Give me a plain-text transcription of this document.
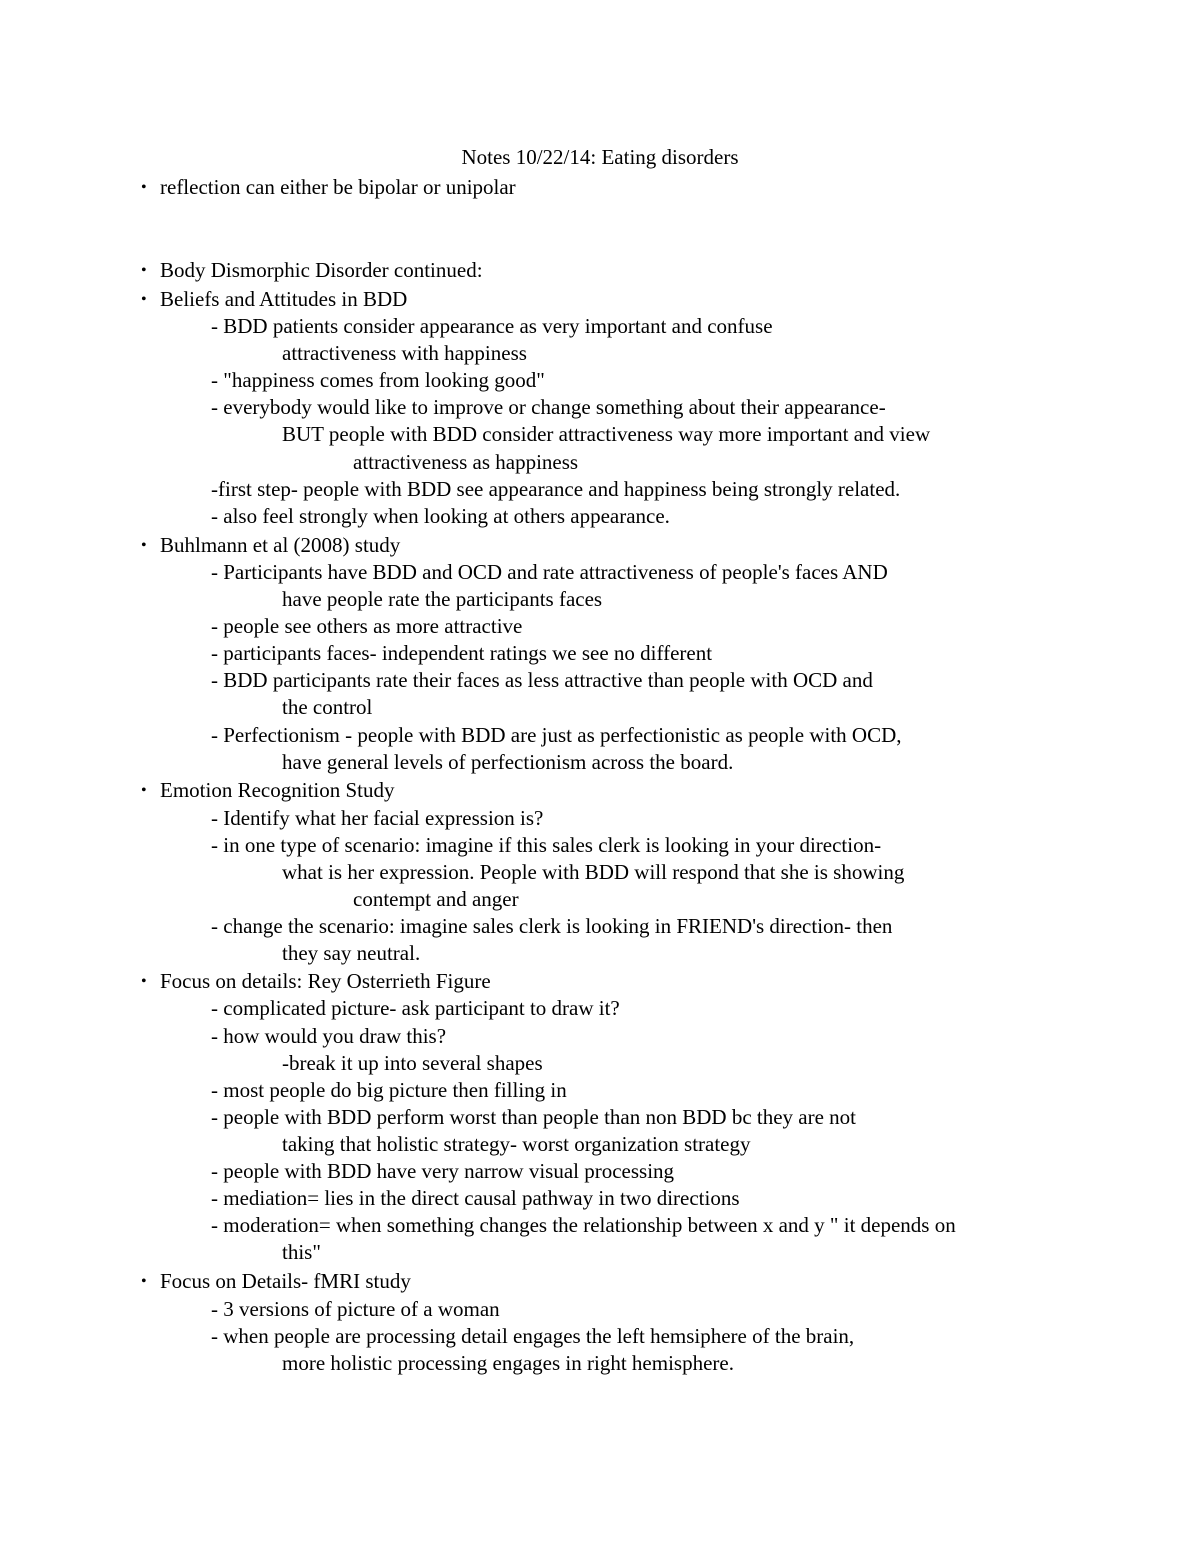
Notes 10/22/14: Eating disorders
• reflection can either be bipolar or unipolar
• Body Dismorphic Disorder continued:
• Beliefs and Attitudes in BDD
- BDD patients consider appearance as very important and confuse
attractiveness with happiness
- "happiness comes from looking good"
- everybody would like to improve or change something about their appearance-
BUT people with BDD consider attractiveness way more important and view
attractiveness as happiness
-first step- people with BDD see appearance and happiness being strongly related.
- also feel strongly when looking at others appearance.
• Buhlmann et al (2008) study
- Participants have BDD and OCD and rate attractiveness of people's faces AND
have people rate the participants faces
- people see others as more attractive
- participants faces- independent ratings we see no different
- BDD participants rate their faces as less attractive than people with OCD and
the control
- Perfectionism - people with BDD are just as perfectionistic as people with OCD,
have general levels of perfectionism across the board.
• Emotion Recognition Study
- Identify what her facial expression is?
- in one type of scenario: imagine if this sales clerk is looking in your direction-
what is her expression. People with BDD will respond that she is showing
contempt and anger
- change the scenario: imagine sales clerk is looking in FRIEND's direction- then
they say neutral.
• Focus on details: Rey Osterrieth Figure
- complicated picture- ask participant to draw it?
- how would you draw this?
-break it up into several shapes
- most people do big picture then filling in
- people with BDD perform worst than people than non BDD bc they are not
taking that holistic strategy- worst organization strategy
- people with BDD have very narrow visual processing
- mediation= lies in the direct causal pathway in two directions
- moderation= when something changes the relationship between x and y " it depends on
this"
• Focus on Details- fMRI study
- 3 versions of picture of a woman
- when people are processing detail engages the left hemsiphere of the brain,
more holistic processing engages in right hemisphere.
